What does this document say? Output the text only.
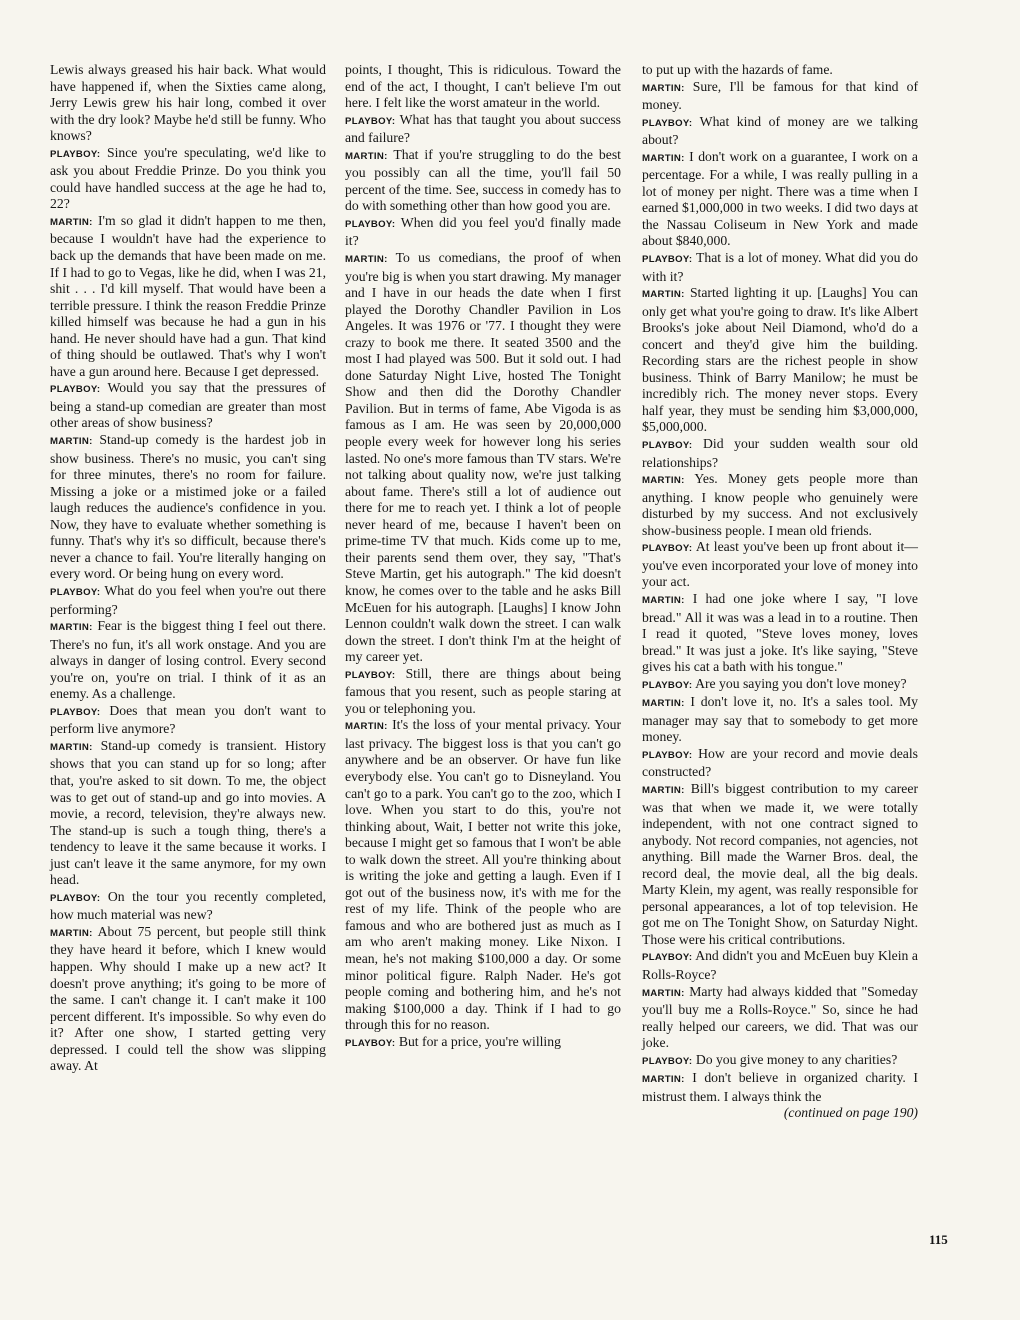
Lewis always greased his hair back. What would have happened if, when the Sixties came along, Jerry Lewis grew his hair long, combed it over with the dry look? Maybe he'd still be funny. Who knows?

PLAYBOY: Since you're speculating, we'd like to ask you about Freddie Prinze. Do you think you could have handled success at the age he had to, 22?

MARTIN: I'm so glad it didn't happen to me then, because I wouldn't have had the experience to back up the demands that have been made on me. If I had to go to Vegas, like he did, when I was 21, shit . . . I'd kill myself. That would have been a terrible pressure. I think the reason Freddie Prinze killed himself was because he had a gun in his hand. He never should have had a gun. That kind of thing should be outlawed. That's why I won't have a gun around here. Because I get depressed.

PLAYBOY: Would you say that the pressures of being a stand-up comedian are greater than most other areas of show business?

MARTIN: Stand-up comedy is the hardest job in show business. There's no music, you can't sing for three minutes, there's no room for failure. Missing a joke or a mistimed joke or a failed laugh reduces the audience's confidence in you. Now, they have to evaluate whether something is funny. That's why it's so difficult, because there's never a chance to fail. You're literally hanging on every word. Or being hung on every word.

PLAYBOY: What do you feel when you're out there performing?

MARTIN: Fear is the biggest thing I feel out there. There's no fun, it's all work onstage. And you are always in danger of losing control. Every second you're on, you're on trial. I think of it as an enemy. As a challenge.

PLAYBOY: Does that mean you don't want to perform live anymore?

MARTIN: Stand-up comedy is transient. History shows that you can stand up for so long; after that, you're asked to sit down. To me, the object was to get out of stand-up and go into movies. A movie, a record, television, they're always new. The stand-up is such a tough thing, there's a tendency to leave it the same because it works. I just can't leave it the same anymore, for my own head.

PLAYBOY: On the tour you recently completed, how much material was new?

MARTIN: About 75 percent, but people still think they have heard it before, which I knew would happen. Why should I make up a new act? It doesn't prove anything; it's going to be more of the same. I can't change it. I can't make it 100 percent different. It's impossible. So why even do it? After one show, I started getting very depressed. I could tell the show was slipping away. At

points, I thought, This is ridiculous. Toward the end of the act, I thought, I can't believe I'm out here. I felt like the worst amateur in the world.

PLAYBOY: What has that taught you about success and failure?

MARTIN: That if you're struggling to do the best you possibly can all the time, you'll fail 50 percent of the time. See, success in comedy has to do with something other than how good you are.

PLAYBOY: When did you feel you'd finally made it?

MARTIN: To us comedians, the proof of when you're big is when you start drawing. My manager and I have in our heads the date when I first played the Dorothy Chandler Pavilion in Los Angeles. It was 1976 or '77. I thought they were crazy to book me there. It seated 3500 and the most I had played was 500. But it sold out. I had done Saturday Night Live, hosted The Tonight Show and then did the Dorothy Chandler Pavilion. But in terms of fame, Abe Vigoda is as famous as I am. He was seen by 20,000,000 people every week for however long his series lasted. No one's more famous than TV stars. We're not talking about quality now, we're just talking about fame. There's still a lot of audience out there for me to reach yet. I think a lot of people never heard of me, because I haven't been on prime-time TV that much. Kids come up to me, their parents send them over, they say, "That's Steve Martin, get his autograph." The kid doesn't know, he comes over to the table and he asks Bill McEuen for his autograph. [Laughs] I know John Lennon couldn't walk down the street. I can walk down the street. I don't think I'm at the height of my career yet.

PLAYBOY: Still, there are things about being famous that you resent, such as people staring at you or telephoning you.

MARTIN: It's the loss of your mental privacy. Your last privacy. The biggest loss is that you can't go anywhere and be an observer. Or have fun like everybody else. You can't go to Disneyland. You can't go to a park. You can't go to the zoo, which I love. When you start to do this, you're not thinking about, Wait, I better not write this joke, because I might get so famous that I won't be able to walk down the street. All you're thinking about is writing the joke and getting a laugh. Even if I got out of the business now, it's with me for the rest of my life. Think of the people who are famous and who are bothered just as much as I am who aren't making money. Like Nixon. I mean, he's not making $100,000 a day. Or some minor political figure. Ralph Nader. He's got people coming and bothering him, and he's not making $100,000 a day. Think if I had to go through this for no reason.

PLAYBOY: But for a price, you're willing

to put up with the hazards of fame.

MARTIN: Sure, I'll be famous for that kind of money.

PLAYBOY: What kind of money are we talking about?

MARTIN: I don't work on a guarantee, I work on a percentage. For a while, I was really pulling in a lot of money per night. There was a time when I earned $1,000,000 in two weeks. I did two days at the Nassau Coliseum in New York and made about $840,000.

PLAYBOY: That is a lot of money. What did you do with it?

MARTIN: Started lighting it up. [Laughs] You can only get what you're going to draw. It's like Albert Brooks's joke about Neil Diamond, who'd do a concert and they'd give him the building. Recording stars are the richest people in show business. Think of Barry Manilow; he must be incredibly rich. The money never stops. Every half year, they must be sending him $3,000,000, $5,000,000.

PLAYBOY: Did your sudden wealth sour old relationships?

MARTIN: Yes. Money gets people more than anything. I know people who genuinely were disturbed by my success. And not exclusively show-business people. I mean old friends.

PLAYBOY: At least you've been up front about it—you've even incorporated your love of money into your act.

MARTIN: I had one joke where I say, "I love bread." All it was was a lead in to a routine. Then I read it quoted, "Steve loves money, loves bread." It was just a joke. It's like saying, "Steve gives his cat a bath with his tongue."

PLAYBOY: Are you saying you don't love money?

MARTIN: I don't love it, no. It's a sales tool. My manager may say that to somebody to get more money.

PLAYBOY: How are your record and movie deals constructed?

MARTIN: Bill's biggest contribution to my career was that when we made it, we were totally independent, with not one contract signed to anybody. Not record companies, not agencies, not anything. Bill made the Warner Bros. deal, the record deal, the movie deal, all the big deals. Marty Klein, my agent, was really responsible for personal appearances, a lot of top television. He got me on The Tonight Show, on Saturday Night. Those were his critical contributions.

PLAYBOY: And didn't you and McEuen buy Klein a Rolls-Royce?

MARTIN: Marty had always kidded that "Someday you'll buy me a Rolls-Royce." So, since he had really helped our careers, we did. That was our joke.

PLAYBOY: Do you give money to any charities?

MARTIN: I don't believe in organized charity. I mistrust them. I always think the

(continued on page 190)

115
